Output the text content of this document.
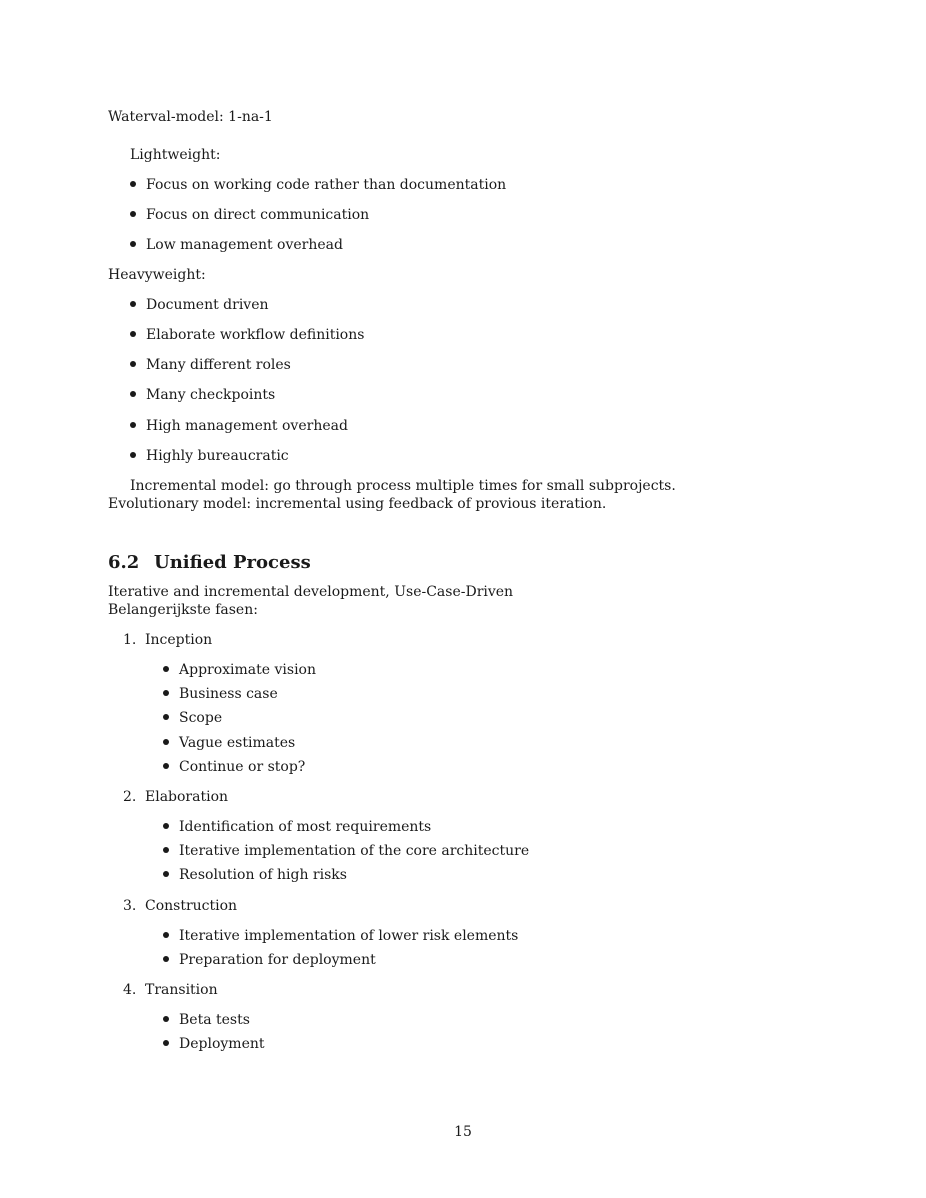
Waterval-model: 1-na-1
Lightweight:
Focus on working code rather than documentation
Focus on direct communication
Low management overhead
Heavyweight:
Document driven
Elaborate workflow definitions
Many different roles
Many checkpoints
High management overhead
Highly bureaucratic
Incremental model: go through process multiple times for small subprojects.
Evolutionary model: incremental using feedback of provious iteration.
6.2 Unified Process
Iterative and incremental development, Use-Case-Driven
Belangerijkste fasen:
1. Inception
Approximate vision
Business case
Scope
Vague estimates
Continue or stop?
2. Elaboration
Identification of most requirements
Iterative implementation of the core architecture
Resolution of high risks
3. Construction
Iterative implementation of lower risk elements
Preparation for deployment
4. Transition
Beta tests
Deployment
15
